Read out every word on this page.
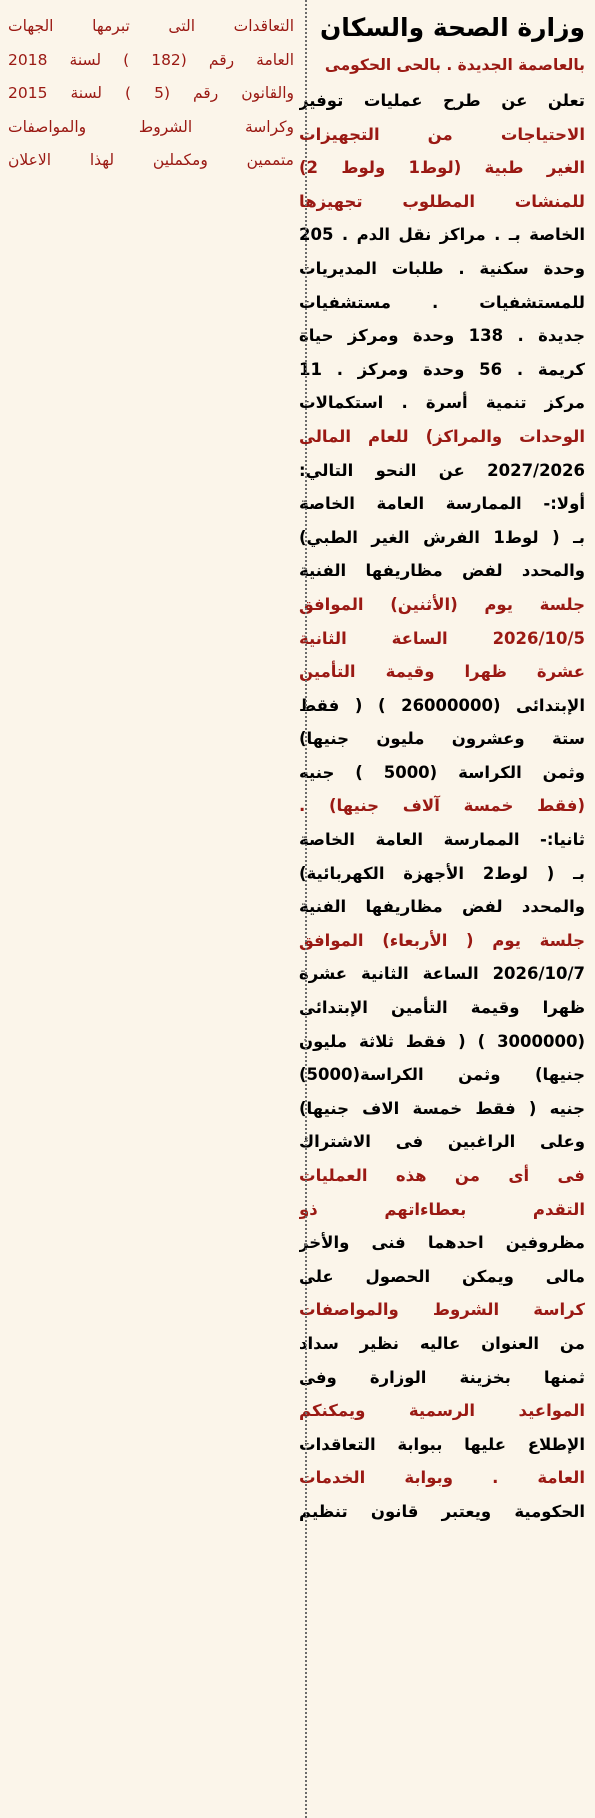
وزارة الصحة والسكان
بالعاصمة الجديدة . بالحى الحكومى
تعلن عن طرح عمليات توفير
الاحتياجات من التجهيزات
الغير طبية (لوط1 ولوط 2)
للمنشات المطلوب تجهيزها
الخاصة بـ . مراكز نقل الدم . 205
وحدة سكنية . طلبات المديريات
للمستشفيات . مستشفيات
جديدة . 138 وحدة ومركز حياة
كريمة . 56 وحدة ومركز . 11
مركز تنمية أسرة . استكمالات
الوحدات والمراكز) للعام المالى
2027/2026 عن النحو التالي:
أولا:- الممارسة العامة الخاصة
بـ ( لوط1 الفرش الغير الطبي)
والمحدد لفض مظاريفها الفنية
جلسة يوم (الأثنين) الموافق
2026/10/5 الساعة الثانية
عشرة ظهرا وقيمة التأمين
الإبتدائى (26000000 ) ( فقط
ستة وعشرون مليون جنيها)
وثمن الكراسة (5000 ) جنيه
(فقط خمسة آلاف جنيها) .
ثانيا:- الممارسة العامة الخاصة
بـ ( لوط2 الأجهزة الكهربائية)
والمحدد لفض مظاريفها الفنية
جلسة يوم ( الأربعاء) الموافق
2026/10/7 الساعة الثانية عشرة
ظهرا وقيمة التأمين الإبتدائى
(3000000 ) ( فقط ثلاثة مليون
جنيها) وثمن الكراسة(5000)
جنيه ( فقط خمسة الاف جنيها)
وعلى الراغبين فى الاشتراك
فى أى من هذه العمليات
التقدم بعطاءاتهم ذو
مظروفين احدهما فنى والأخر
مالى ويمكن الحصول على
كراسة الشروط والمواصفات
من العنوان عاليه نظير سداد
ثمنها بخزينة الوزارة وفى
المواعيد الرسمية ويمكنكم
الإطلاع عليها ببوابة التعاقدات
العامة . وبوابة الخدمات
الحكومية ويعتبر قانون تنظيم
التعاقدات التى تبرمها الجهات
العامة رقم (182 ) لسنة 2018
والقانون رقم (5 ) لسنة 2015
وكراسة الشروط والمواصفات
متممين ومكملين لهذا الاعلان
